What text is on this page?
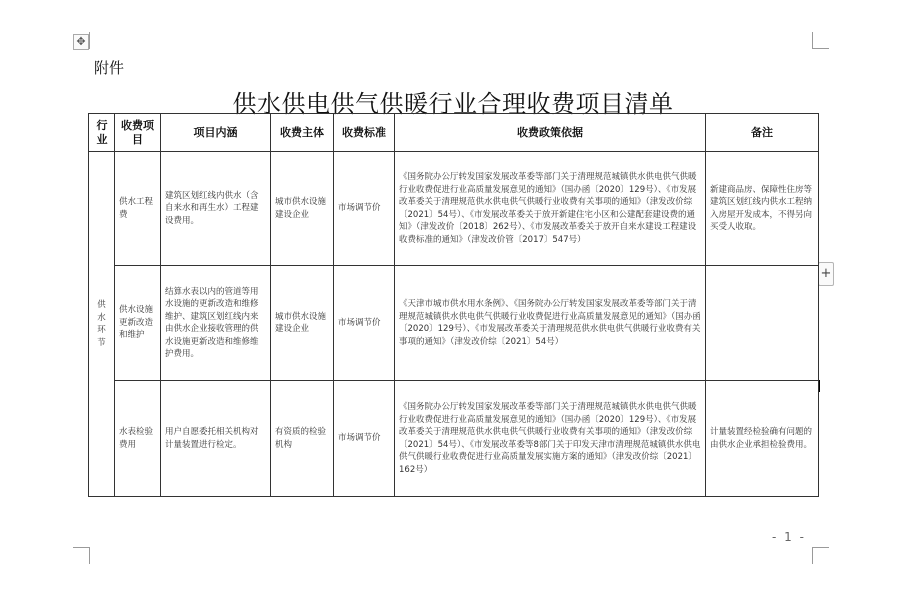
✥
+
附件
供水供电供气供暖行业合理收费项目清单
行业	收费项目	项目内涵	收费主体	收费标准	收费政策依据	备注
供水环节	供水工程费	建筑区划红线内供水（含自来水和再生水）工程建设费用。	城市供水设施建设企业	市场调节价	《国务院办公厅转发国家发展改革委等部门关于清理规范城镇供水供电供气供暖行业收费促进行业高质量发展意见的通知》（国办函〔2020〕129号）、《市发展改革委关于清理规范供水供电供气供暖行业收费有关事项的通知》（津发改价综〔2021〕54号）、《市发展改革委关于放开新建住宅小区和公建配套建设费的通知》（津发改价〔2018〕262号）、《市发展改革委关于放开自来水建设工程建设收费标准的通知》（津发改价管〔2017〕547号）	新建商品房、保障性住房等建筑区划红线内供水工程纳入房屋开发成本，不得另向买受人收取。
	供水设施更新改造和维护	结算水表以内的管道等用水设施的更新改造和维修维护、建筑区划红线内来由供水企业接收管理的供水设施更新改造和维修维护费用。	城市供水设施建设企业	市场调节价	《天津市城市供水用水条例》、《国务院办公厅转发国家发展改革委等部门关于清理规范城镇供水供电供气供暖行业收费促进行业高质量发展意见的通知》（国办函〔2020〕129号）、《市发展改革委关于清理规范供水供电供气供暖行业收费有关事项的通知》（津发改价综〔2021〕54号）	
	水表检验费用	用户自愿委托相关机构对计量装置进行检定。	有资质的检验机构	市场调节价	《国务院办公厅转发国家发展改革委等部门关于清理规范城镇供水供电供气供暖行业收费促进行业高质量发展意见的通知》（国办函〔2020〕129号）、《市发展改革委关于清理规范供水供电供气供暖行业收费有关事项的通知》（津发改价综〔2021〕54号）、《市发展改革委等8部门关于印发天津市清理规范城镇供水供电供气供暖行业收费促进行业高质量发展实施方案的通知》（津发改价综〔2021〕162号）	计量装置经检验确有问题的由供水企业承担检验费用。
- 1 -
